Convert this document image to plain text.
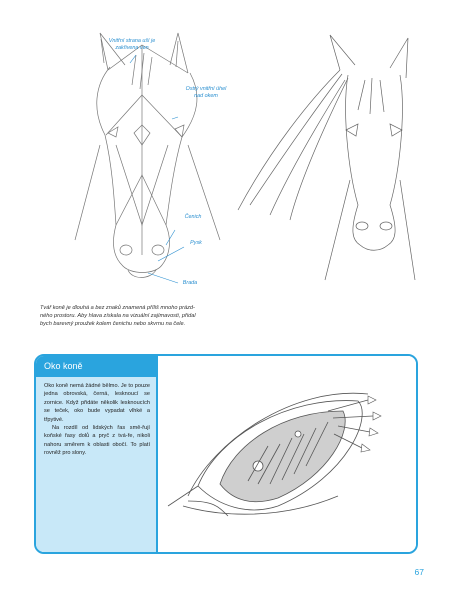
Vnitřní strana uší je
zakřivena ven
Ostrý vnitřní úhel
nad okem
Čenich
Pysk
Brada
Tvář koně je dlouhá a bez znaků znamená příliš mnoho prázd-
ného prostoru. Aby hlava získala na vizuální zajímavosti, přidal
bych barevný proužek kolem čenichu nebo skvrnu na čele.
Oko koně

Oko koně nemá žádné bělmo. Je to pouze jedna obrovská, černá, lesknoucí se zornice. Když přidáte několik lesknoucích se teček, oko bude vypadat vlhké a třpytivé.

Na rozdíl od lidských řas smě-řují koňské řasy dolů a pryč z tvá-ře, nikoli nahoru směrem k oblasti obočí. To platí rovněž pro slony.

67
